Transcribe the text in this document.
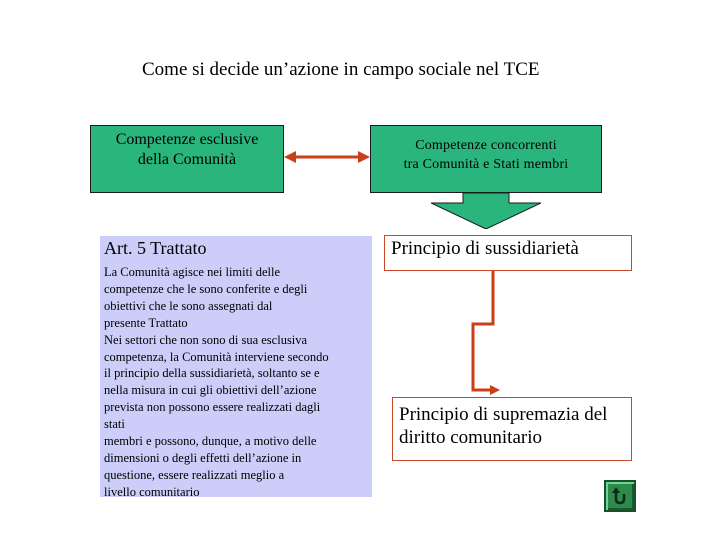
Come si decide un’azione in campo sociale nel TCE
Competenze esclusive
della Comunità
Competenze concorrenti
tra Comunità e Stati membri
Art. 5 Trattato
La Comunità agisce nei limiti delle
competenze che le sono conferite e degli
obiettivi che le sono assegnati dal
presente Trattato
Nei settori che non sono di sua esclusiva
competenza, la Comunità interviene secondo
il principio della sussidiarietà, soltanto se e
nella misura in cui gli obiettivi dell’azione
prevista non possono essere realizzati dagli
stati
membri e possono, dunque, a motivo delle
dimensioni o degli effetti dell’azione in
questione, essere realizzati meglio a
livello comunitario
Principio di sussidiarietà
Principio di supremazia del
diritto comunitario
